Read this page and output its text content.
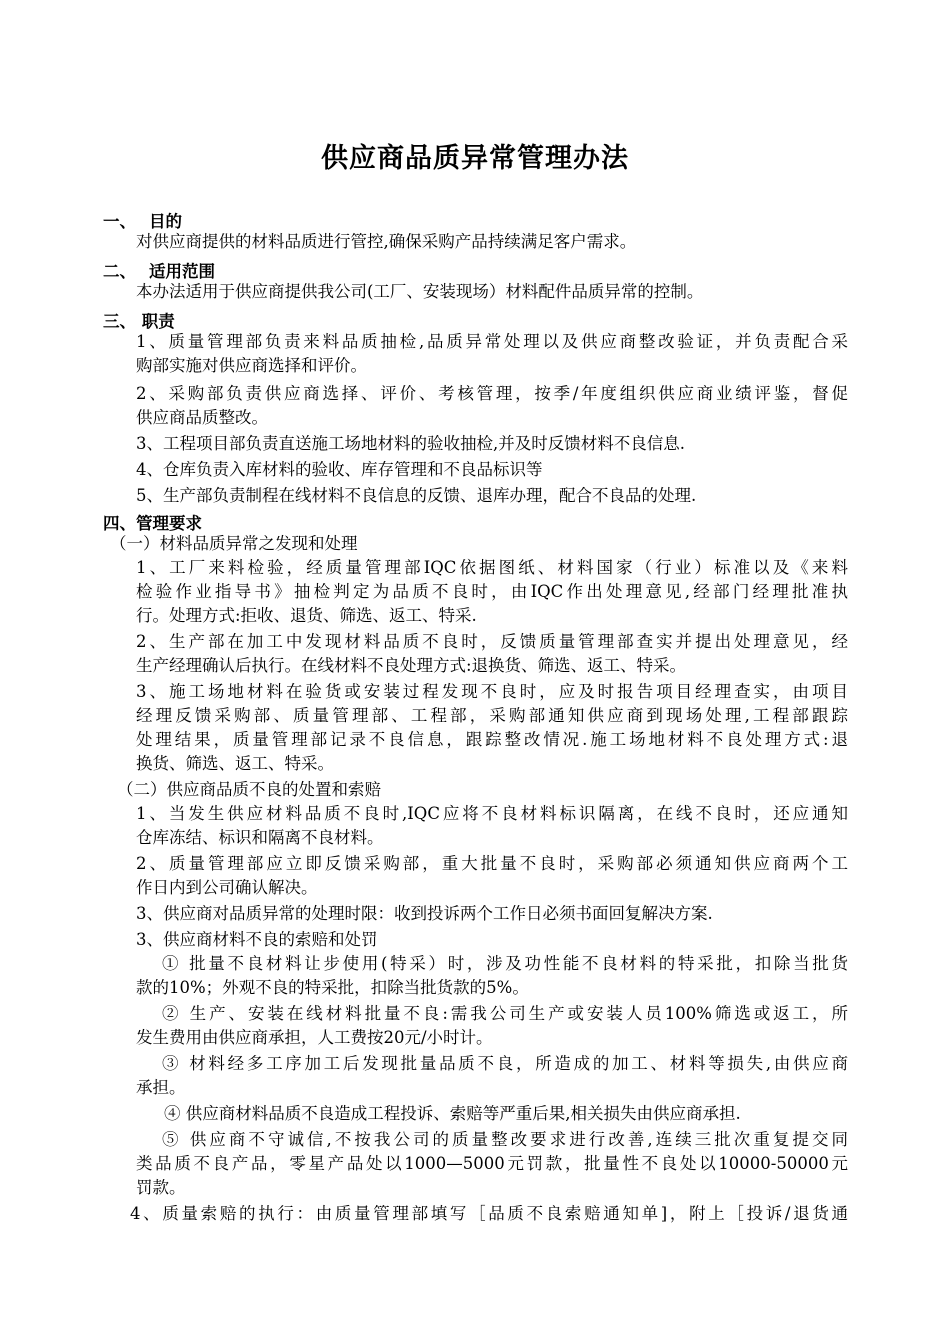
供应商品质异常管理办法
一、 目的
对供应商提供的材料品质进行管控,确保采购产品持续满足客户需求。
二、 适用范围
本办法适用于供应商提供我公司(工厂、安装现场）材料配件品质异常的控制。
三、 职责
1、质量管理部负责来料品质抽检,品质异常处理以及供应商整改验证，并负责配合采
购部实施对供应商选择和评价。
2、采购部负责供应商选择、评价、考核管理，按季/年度组织供应商业绩评鉴，督促
供应商品质整改。
3、工程项目部负责直送施工场地材料的验收抽检,并及时反馈材料不良信息.
4、仓库负责入库材料的验收、库存管理和不良品标识等
5、生产部负责制程在线材料不良信息的反馈、退库办理，配合不良品的处理.
四、管理要求
（一）材料品质异常之发现和处理
1、工厂来料检验，经质量管理部IQC依据图纸、材料国家（行业）标准以及《来料
检验作业指导书》抽检判定为品质不良时，由IQC作出处理意见,经部门经理批准执
行。处理方式:拒收、退货、筛选、返工、特采.
2、生产部在加工中发现材料品质不良时，反馈质量管理部查实并提出处理意见，经
生产经理确认后执行。在线材料不良处理方式:退换货、筛选、返工、特采。
3、施工场地材料在验货或安装过程发现不良时，应及时报告项目经理查实，由项目
经理反馈采购部、质量管理部、工程部，采购部通知供应商到现场处理,工程部跟踪
处理结果，质量管理部记录不良信息，跟踪整改情况.施工场地材料不良处理方式:退
换货、筛选、返工、特采。
（二）供应商品质不良的处置和索赔
1、当发生供应材料品质不良时,IQC应将不良材料标识隔离，在线不良时，还应通知
仓库冻结、标识和隔离不良材料。
2、质量管理部应立即反馈采购部，重大批量不良时，采购部必须通知供应商两个工
作日内到公司确认解决。
3、供应商对品质异常的处理时限：收到投诉两个工作日必须书面回复解决方案.
3、供应商材料不良的索赔和处罚
① 批量不良材料让步使用(特采）时，涉及功性能不良材料的特采批，扣除当批货
款的10%；外观不良的特采批，扣除当批货款的5%。
② 生产、安装在线材料批量不良:需我公司生产或安装人员100%筛选或返工，所
发生费用由供应商承担，人工费按20元/小时计。
③ 材料经多工序加工后发现批量品质不良，所造成的加工、材料等损失,由供应商
承担。
④ 供应商材料品质不良造成工程投诉、索赔等严重后果,相关损失由供应商承担.
⑤ 供应商不守诚信,不按我公司的质量整改要求进行改善,连续三批次重复提交同
类品质不良产品，零星产品处以1000—5000元罚款，批量性不良处以10000-50000元
罚款。
4、质量索赔的执行：由质量管理部填写［品质不良索赔通知单]，附上［投诉/退货通
